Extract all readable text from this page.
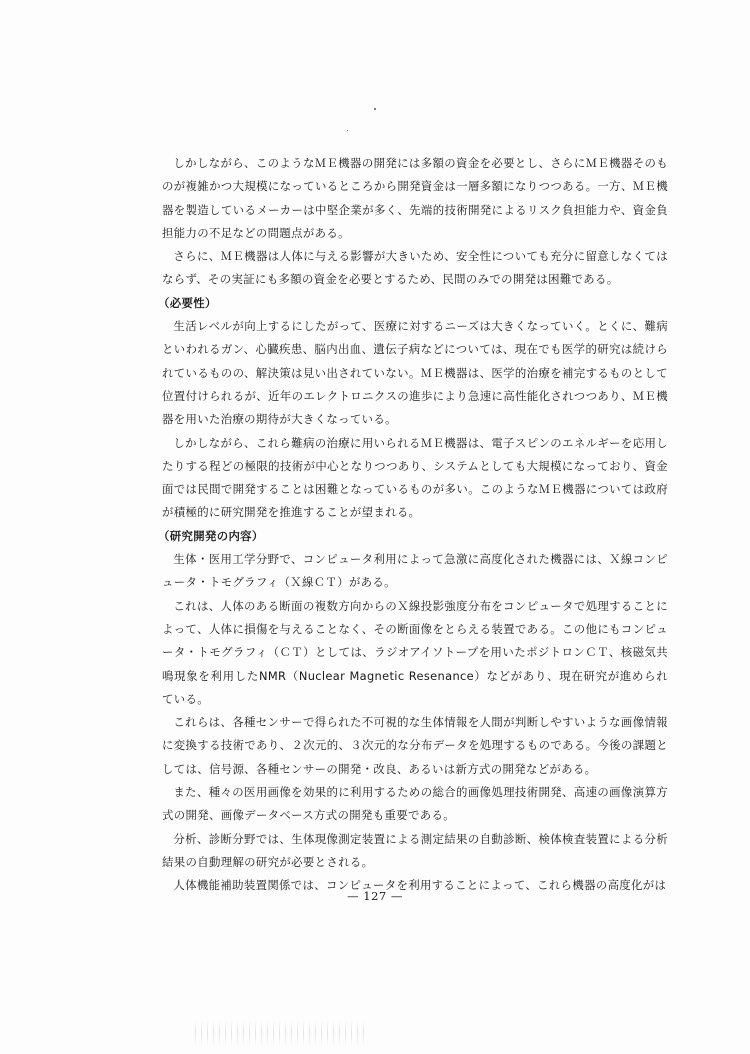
しかしながら、このようなＭＥ機器の開発には多額の資金を必要とし、さらにＭＥ機器そのものが複雑かつ大規模になっているところから開発資金は一層多額になりつつある。一方、ＭＥ機器を製造しているメーカーは中堅企業が多く、先端的技術開発によるリスク負担能力や、資金負担能力の不足などの問題点がある。

さらに、ＭＥ機器は人体に与える影響が大きいため、安全性についても充分に留意しなくてはならず、その実証にも多額の資金を必要とするため、民間のみでの開発は困難である。

（必要性）

生活レベルが向上するにしたがって、医療に対するニーズは大きくなっていく。とくに、難病といわれるガン、心臓疾患、脳内出血、遺伝子病などについては、現在でも医学的研究は続けられているものの、解決策は見い出されていない。ＭＥ機器は、医学的治療を補完するものとして位置付けられるが、近年のエレクトロニクスの進歩により急速に高性能化されつつあり、ＭＥ機器を用いた治療の期待が大きくなっている。

しかしながら、これら難病の治療に用いられるＭＥ機器は、電子スピンのエネルギーを応用したりする程どの極限的技術が中心となりつつあり、システムとしても大規模になっており、資金面では民間で開発することは困難となっているものが多い。このようなＭＥ機器については政府が積極的に研究開発を推進することが望まれる。

（研究開発の内容）

生体・医用工学分野で、コンピュータ利用によって急激に高度化された機器には、Ｘ線コンピュータ・トモグラフィ（Ｘ線ＣＴ）がある。

これは、人体のある断面の複数方向からのＸ線投影強度分布をコンピュータで処理することによって、人体に損傷を与えることなく、その断面像をとらえる装置である。この他にもコンピュータ・トモグラフィ（ＣＴ）としては、ラジオアイソトープを用いたポジトロンＣＴ、核磁気共鳴現象を利用したNMR（Nuclear Magnetic Resenance）などがあり、現在研究が進められている。

これらは、各種センサーで得られた不可視的な生体情報を人間が判断しやすいような画像情報に変換する技術であり、２次元的、３次元的な分布データを処理するものである。今後の課題としては、信号源、各種センサーの開発・改良、あるいは新方式の開発などがある。

また、種々の医用画像を効果的に利用するための総合的画像処理技術開発、高速の画像演算方式の開発、画像データベース方式の開発も重要である。

分析、診断分野では、生体現像測定装置による測定結果の自動診断、検体検査装置による分析結果の自動理解の研究が必要とされる。

人体機能補助装置関係では、コンピュータを利用することによって、これら機器の高度化がは

— 127 —
